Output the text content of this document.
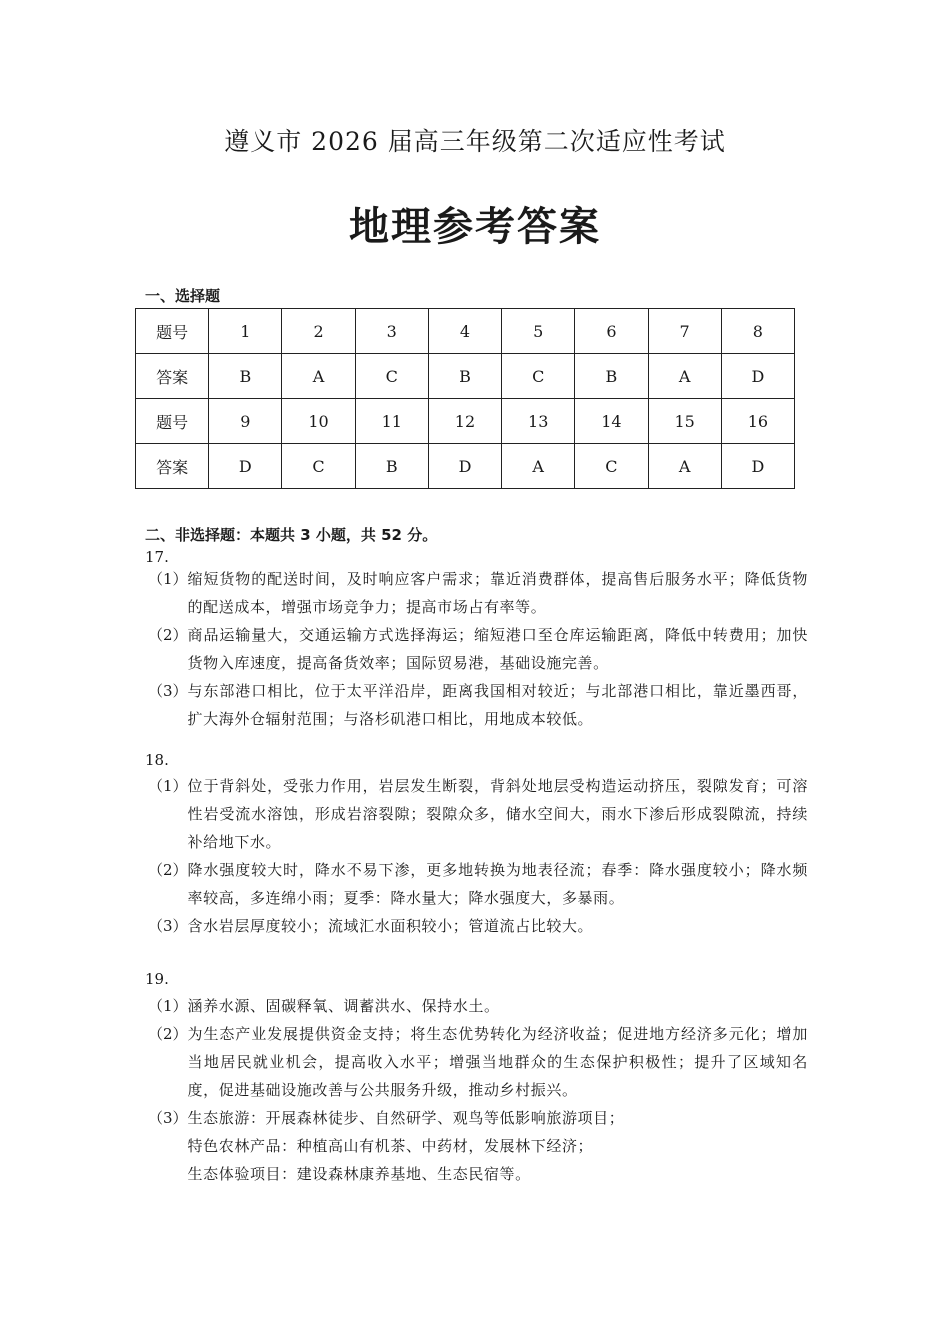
遵义市 2026 届高三年级第二次适应性考试
地理参考答案
一、选择题
题号	1	2	3	4	5	6	7	8
答案	B	A	C	B	C	B	A	D
题号	9	10	11	12	13	14	15	16
答案	D	C	B	D	A	C	A	D
二、非选择题：本题共 3 小题，共 52 分。
17.
（1） 缩短货物的配送时间，及时响应客户需求；靠近消费群体，提高售后服务水平；降低货物的配送成本，增强市场竞争力；提高市场占有率等。
（2） 商品运输量大，交通运输方式选择海运；缩短港口至仓库运输距离，降低中转费用；加快货物入库速度，提高备货效率；国际贸易港，基础设施完善。
（3） 与东部港口相比，位于太平洋沿岸，距离我国相对较近；与北部港口相比，靠近墨西哥，扩大海外仓辐射范围；与洛杉矶港口相比，用地成本较低。
18.
（1） 位于背斜处，受张力作用，岩层发生断裂，背斜处地层受构造运动挤压，裂隙发育；可溶性岩受流水溶蚀，形成岩溶裂隙；裂隙众多，储水空间大，雨水下渗后形成裂隙流，持续补给地下水。
（2） 降水强度较大时，降水不易下渗，更多地转换为地表径流；春季：降水强度较小；降水频率较高，多连绵小雨；夏季：降水量大；降水强度大，多暴雨。
（3） 含水岩层厚度较小；流域汇水面积较小；管道流占比较大。
19.
（1） 涵养水源、固碳释氧、调蓄洪水、保持水土。
（2） 为生态产业发展提供资金支持；将生态优势转化为经济收益；促进地方经济多元化；增加当地居民就业机会，提高收入水平；增强当地群众的生态保护积极性；提升了区域知名度，促进基础设施改善与公共服务升级，推动乡村振兴。
（3） 生态旅游：开展森林徒步、自然研学、观鸟等低影响旅游项目；
特色农林产品：种植高山有机茶、中药材，发展林下经济；
生态体验项目：建设森林康养基地、生态民宿等。
